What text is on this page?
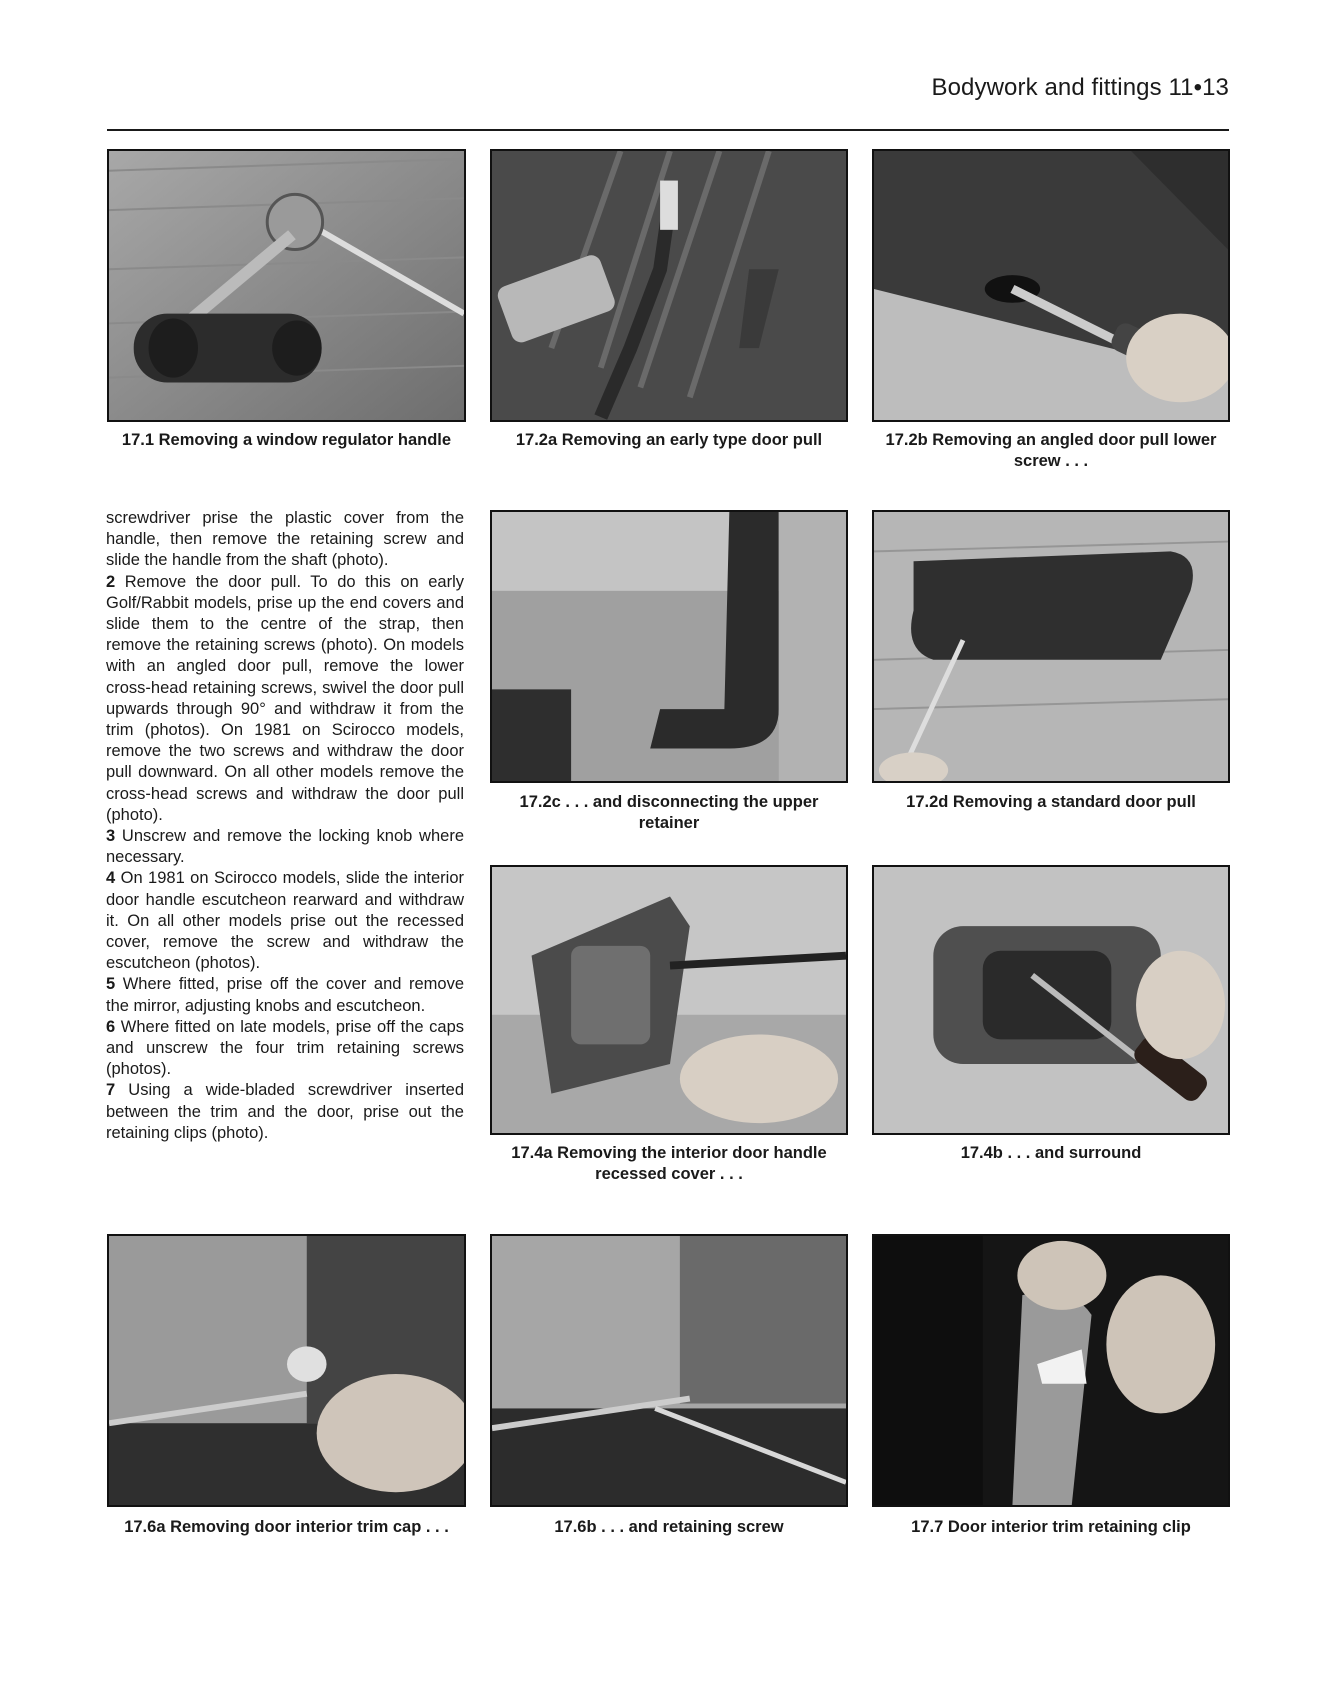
Bodywork and fittings 11•13
17.1 Removing a window regulator handle	17.2a Removing an early type door pull	17.2b Removing an angled door pull lower screw . . .
17.2c . . . and disconnecting the upper retainer
17.2d Removing a standard door pull
17.4a Removing the interior door handle recessed cover . . .
17.4b . . . and surround
17.6a Removing door interior trim cap . . .	17.6b . . . and retaining screw	17.7 Door interior trim retaining clip

screwdriver prise the plastic cover from the handle, then remove the retaining screw and slide the handle from the shaft (photo).

2 Remove the door pull. To do this on early Golf/Rabbit models, prise up the end covers and slide them to the centre of the strap, then remove the retaining screws (photo). On models with an angled door pull, remove the lower cross-head retaining screws, swivel the door pull upwards through 90° and withdraw it from the trim (photos). On 1981 on Scirocco models, remove the two screws and withdraw the door pull downward. On all other models remove the cross-head screws and withdraw the door pull (photo).

3 Unscrew and remove the locking knob where necessary.

4 On 1981 on Scirocco models, slide the interior door handle escutcheon rearward and withdraw it. On all other models prise out the recessed cover, remove the screw and withdraw the escutcheon (photos).

5 Where fitted, prise off the cover and remove the mirror, adjusting knobs and escutcheon.

6 Where fitted on late models, prise off the caps and unscrew the four trim retaining screws (photos).

7 Using a wide-bladed screwdriver inserted between the trim and the door, prise out the retaining clips (photo).
